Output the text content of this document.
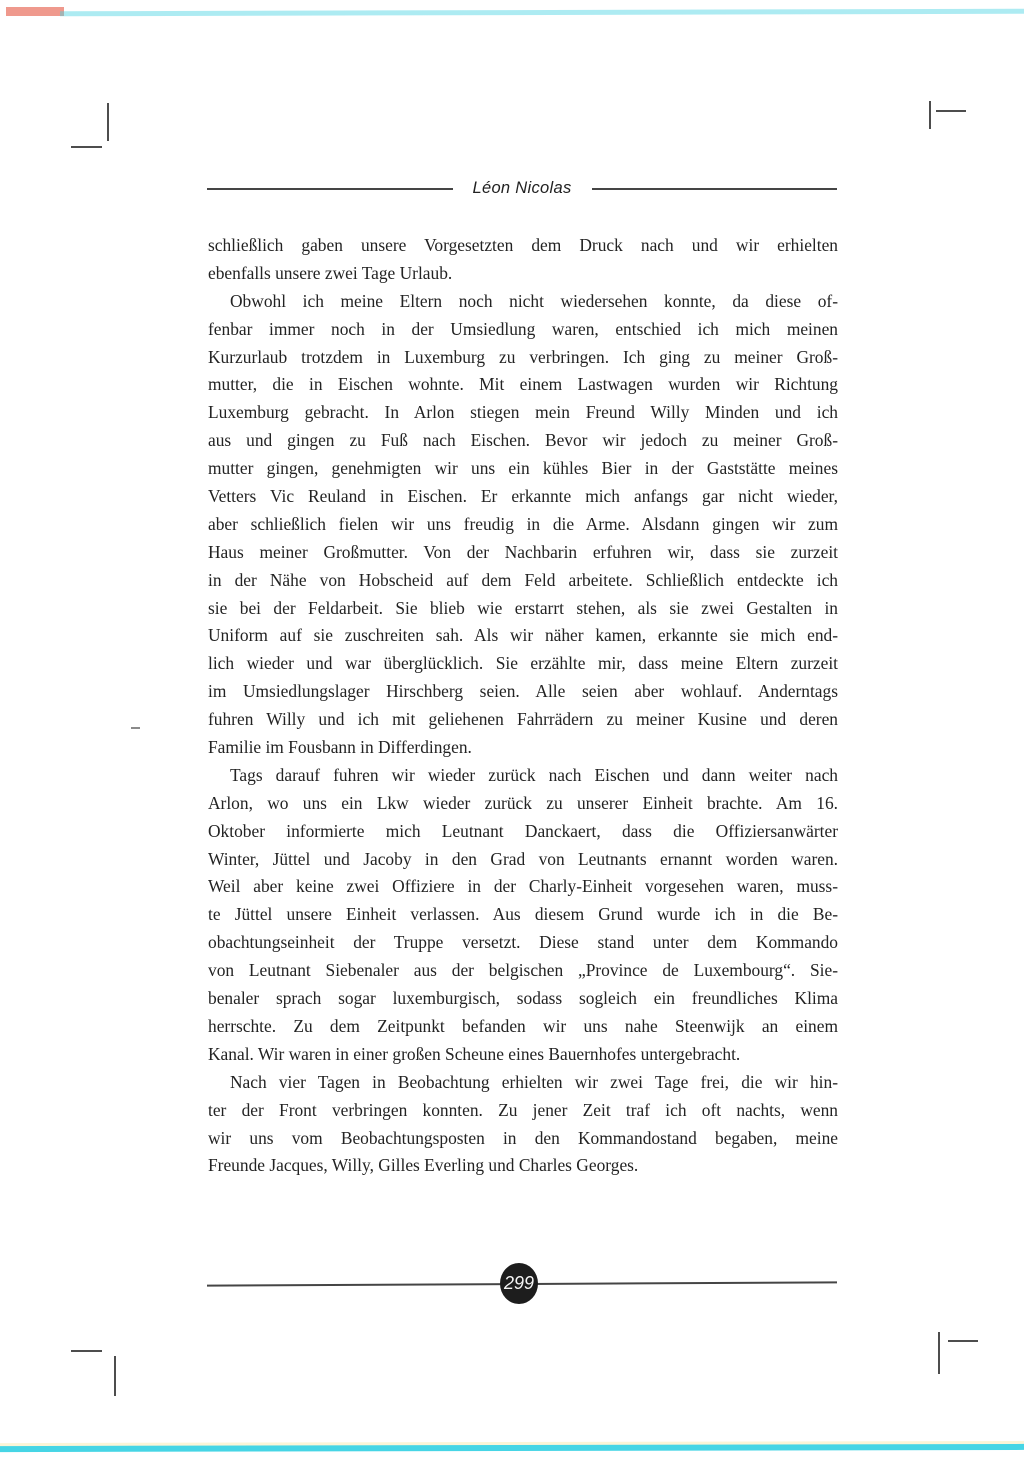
Léon Nicolas
schließlich gaben unsere Vorgesetzten dem Druck nach und wir erhielten
ebenfalls unsere zwei Tage Urlaub.
Obwohl ich meine Eltern noch nicht wiedersehen konnte, da diese of-
fenbar immer noch in der Umsiedlung waren, entschied ich mich meinen
Kurzurlaub trotzdem in Luxemburg zu verbringen. Ich ging zu meiner Groß-
mutter, die in Eischen wohnte. Mit einem Lastwagen wurden wir Richtung
Luxemburg gebracht. In Arlon stiegen mein Freund Willy Minden und ich
aus und gingen zu Fuß nach Eischen. Bevor wir jedoch zu meiner Groß-
mutter gingen, genehmigten wir uns ein kühles Bier in der Gaststätte meines
Vetters Vic Reuland in Eischen. Er erkannte mich anfangs gar nicht wieder,
aber schließlich fielen wir uns freudig in die Arme. Alsdann gingen wir zum
Haus meiner Großmutter. Von der Nachbarin erfuhren wir, dass sie zurzeit
in der Nähe von Hobscheid auf dem Feld arbeitete. Schließlich entdeckte ich
sie bei der Feldarbeit. Sie blieb wie erstarrt stehen, als sie zwei Gestalten in
Uniform auf sie zuschreiten sah. Als wir näher kamen, erkannte sie mich end-
lich wieder und war überglücklich. Sie erzählte mir, dass meine Eltern zurzeit
im Umsiedlungslager Hirschberg seien. Alle seien aber wohlauf. Anderntags
fuhren Willy und ich mit geliehenen Fahrrädern zu meiner Kusine und deren
Familie im Fousbann in Differdingen.
Tags darauf fuhren wir wieder zurück nach Eischen und dann weiter nach
Arlon, wo uns ein Lkw wieder zurück zu unserer Einheit brachte. Am 16.
Oktober informierte mich Leutnant Danckaert, dass die Offiziersanwärter
Winter, Jüttel und Jacoby in den Grad von Leutnants ernannt worden waren.
Weil aber keine zwei Offiziere in der Charly-Einheit vorgesehen waren, muss-
te Jüttel unsere Einheit verlassen. Aus diesem Grund wurde ich in die Be-
obachtungseinheit der Truppe versetzt. Diese stand unter dem Kommando
von Leutnant Siebenaler aus der belgischen „Province de Luxembourg“. Sie-
benaler sprach sogar luxemburgisch, sodass sogleich ein freundliches Klima
herrschte. Zu dem Zeitpunkt befanden wir uns nahe Steenwijk an einem
Kanal. Wir waren in einer großen Scheune eines Bauernhofes untergebracht.
Nach vier Tagen in Beobachtung erhielten wir zwei Tage frei, die wir hin-
ter der Front verbringen konnten. Zu jener Zeit traf ich oft nachts, wenn
wir uns vom Beobachtungsposten in den Kommandostand begaben, meine
Freunde Jacques, Willy, Gilles Everling und Charles Georges.
299
